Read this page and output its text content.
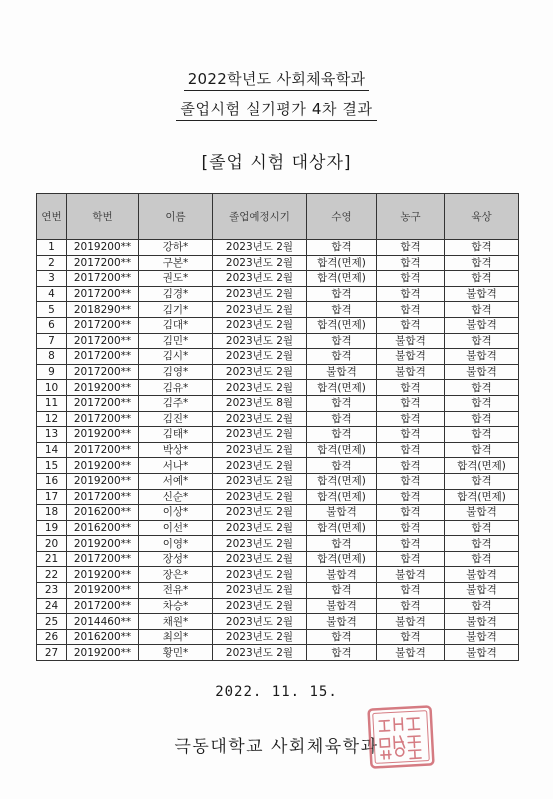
2022학년도 사회체육학과
졸업시험 실기평가 4차 결과
[졸업 시험 대상자]
연번	학번	이름	졸업예정시기	수영	농구	육상
1	2019200**	강하*	2023년도 2월	합격	합격	합격
2	2017200**	구본*	2023년도 2월	합격(면제)	합격	합격
3	2017200**	권도*	2023년도 2월	합격(면제)	합격	합격
4	2017200**	김경*	2023년도 2월	합격	합격	불합격
5	2018290**	김기*	2023년도 2월	합격	합격	합격
6	2017200**	김대*	2023년도 2월	합격(면제)	합격	불합격
7	2017200**	김민*	2023년도 2월	합격	불합격	합격
8	2017200**	김시*	2023년도 2월	합격	불합격	불합격
9	2017200**	김영*	2023년도 2월	불합격	불합격	불합격
10	2019200**	김유*	2023년도 2월	합격(면제)	합격	합격
11	2017200**	김주*	2023년도 8월	합격	합격	합격
12	2017200**	김진*	2023년도 2월	합격	합격	합격
13	2019200**	김태*	2023년도 2월	합격	합격	합격
14	2017200**	박상*	2023년도 2월	합격(면제)	합격	합격
15	2019200**	서나*	2023년도 2월	합격	합격	합격(면제)
16	2019200**	서예*	2023년도 2월	합격(면제)	합격	합격
17	2017200**	신순*	2023년도 2월	합격(면제)	합격	합격(면제)
18	2016200**	이상*	2023년도 2월	불합격	합격	불합격
19	2016200**	이선*	2023년도 2월	합격(면제)	합격	합격
20	2019200**	이영*	2023년도 2월	합격	합격	합격
21	2017200**	장성*	2023년도 2월	합격(면제)	합격	합격
22	2019200**	장은*	2023년도 2월	불합격	불합격	불합격
23	2019200**	전유*	2023년도 2월	합격	합격	불합격
24	2017200**	차승*	2023년도 2월	불합격	합격	합격
25	2014460**	채원*	2023년도 2월	불합격	불합격	불합격
26	2016200**	최의*	2023년도 2월	합격	합격	불합격
27	2019200**	황민*	2023년도 2월	합격	불합격	불합격
2022. 11. 15.
극동대학교 사회체육학과
